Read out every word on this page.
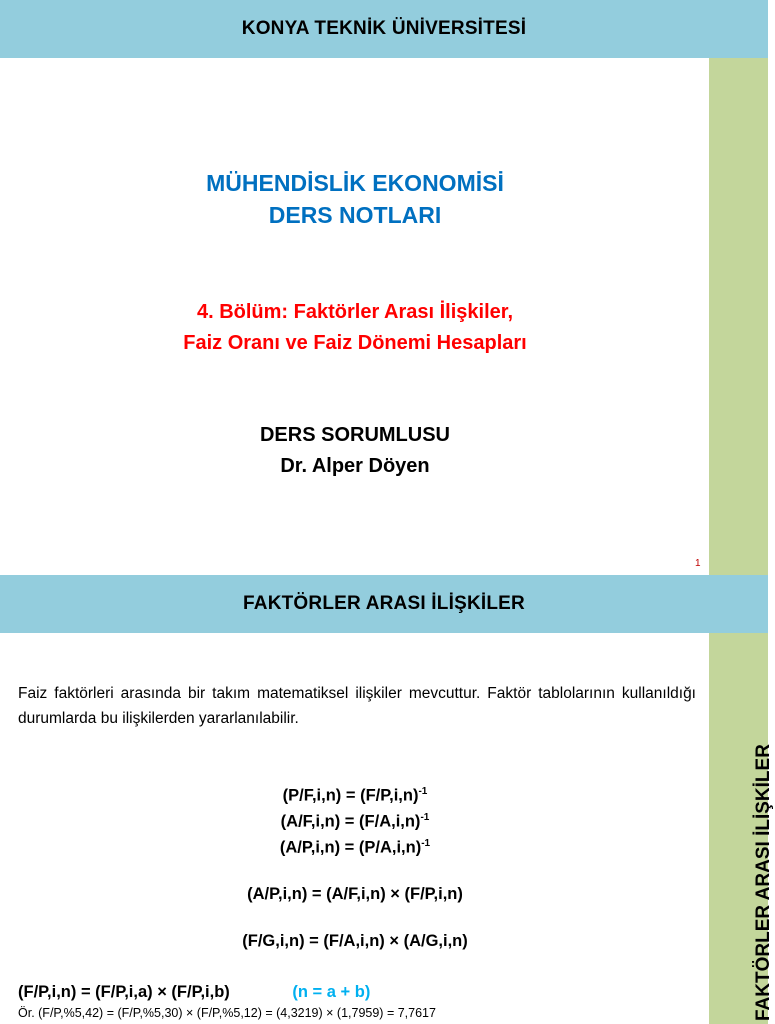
KONYA TEKNİK ÜNİVERSİTESİ
MÜHENDİSLİK EKONOMİSİ
DERS NOTLARI
4. Bölüm: Faktörler Arası İlişkiler,
Faiz Oranı ve Faiz Dönemi Hesapları
DERS SORUMLUSU
Dr. Alper Döyen
1
FAKTÖRLER ARASI İLİŞKİLER
FAKTÖRLER ARASI İLİŞKİLER
Faiz faktörleri arasında bir takım matematiksel ilişkiler mevcuttur. Faktör tablolarının kullanıldığı durumlarda bu ilişkilerden yararlanılabilir.
$(P/F,i,n) = (F/P,i,n)^{-1}$
$(A/F,i,n) = (F/A,i,n)^{-1}$
$(A/P,i,n) = (P/A,i,n)^{-1}$
(A/P,i,n) = (A/F,i,n) × (F/P,i,n)
(F/G,i,n) = (F/A,i,n) × (A/G,i,n)
(F/P,i,n) = (F/P,i,a) × (F/P,i,b)	(n = a + b)
Ör. (F/P,%5,42) = (F/P,%5,30) × (F/P,%5,12) = (4,3219) × (1,7959) = 7,7617
